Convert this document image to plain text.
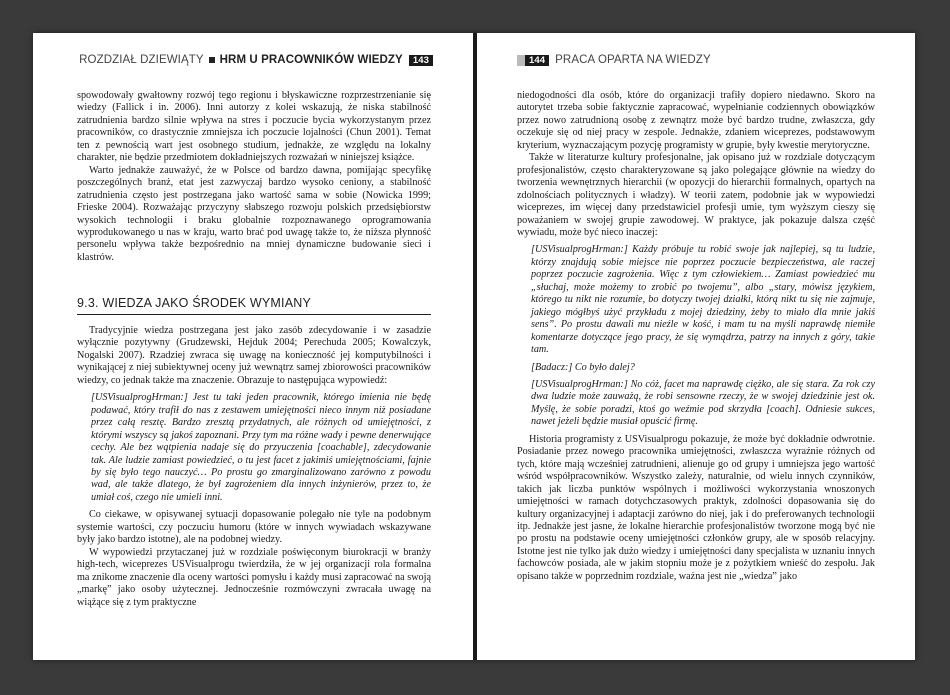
ROZDZIAŁ DZIEWIĄTY HRM U PRACOWNIKÓW WIEDZY	143

spowodowały gwałtowny rozwój tego regionu i błyskawiczne rozprzestrzenianie się wiedzy (Fallick i in. 2006). Inni autorzy z kolei wskazują, że niska stabilność zatrudnienia bardzo silnie wpływa na stres i poczucie bycia wykorzystanym przez pracowników, co drastycznie zmniejsza ich poczucie lojalności (Chun 2001). Temat ten z pewnością wart jest osobnego studium, jednakże, ze względu na lokalny charakter, nie będzie przedmiotem dokładniejszych rozważań w niniejszej książce.

Warto jednakże zauważyć, że w Polsce od bardzo dawna, pomijając specyfikę poszczególnych branż, etat jest zazwyczaj bardzo wysoko ceniony, a stabilność zatrudnienia często jest postrzegana jako wartość sama w sobie (Nowicka 1999; Frieske 2004). Rozważając przyczyny słabszego rozwoju polskich przedsiębiorstw wysokich technologii i braku globalnie rozpoznawanego oprogramowania wyprodukowanego u nas w kraju, warto brać pod uwagę także to, że niższa płynność personelu wpływa także bezpośrednio na mniej dynamiczne budowanie sieci i klastrów.

9.3. WIEDZA JAKO ŚRODEK WYMIANY

Tradycyjnie wiedza postrzegana jest jako zasób zdecydowanie i w zasadzie wyłącznie pozytywny (Grudzewski, Hejduk 2004; Perechuda 2005; Kowalczyk, Nogalski 2007). Rzadziej zwraca się uwagę na konieczność jej komputybilności i wynikającej z niej subiektywnej oceny już wewnątrz samej zbiorowości pracowników wiedzy, co jednak także ma znaczenie. Obrazuje to następująca wypowiedź:

[USVisualprogHrman:] Jest tu taki jeden pracownik, którego imienia nie będę podawać, który trafił do nas z zestawem umiejętności nieco innym niż posiadane przez całą resztę. Bardzo zresztą przydatnych, ale różnych od umiejętności, z którymi wszyscy są jakoś zapoznani. Przy tym ma różne wady i pewne denerwujące cechy. Ale bez wątpienia nadaje się do przyuczenia [coachable], zdecydowanie tak. Ale ludzie zamiast powiedzieć, o tu jest facet z jakimiś umiejętnościami, fajnie by się było tego nauczyć… Po prostu go zmarginalizowano zarówno z powodu wad, ale także dlatego, że był zagrożeniem dla innych inżynierów, przez to, że umiał coś, czego nie umieli inni.

Co ciekawe, w opisywanej sytuacji dopasowanie polegało nie tyle na podobnym systemie wartości, czy poczuciu humoru (które w innych wywiadach wskazywane były jako bardzo istotne), ale na podobnej wiedzy.

W wypowiedzi przytaczanej już w rozdziale poświęconym biurokracji w branży high-tech, wiceprezes USVisualprogu twierdziła, że w jej organizacji rola formalna ma znikome znaczenie dla oceny wartości pomysłu i każdy musi zapracować na swoją „markę” jako osoby użytecznej. Jednocześnie rozmówczyni zwracała uwagę na wiążące się z tym praktyczne

144 PRACA OPARTA NA WIEDZY

niedogodności dla osób, które do organizacji trafiły dopiero niedawno. Skoro na autorytet trzeba sobie faktycznie zapracować, wypełnianie codziennych obowiązków przez nowo zatrudnioną osobę z zewnątrz może być bardzo trudne, zwłaszcza, gdy oczekuje się od niej pracy w zespole. Jednakże, zdaniem wiceprezes, podstawowym kryterium, wyznaczającym pozycję programisty w grupie, były kwestie merytoryczne.

Także w literaturze kultury profesjonalne, jak opisano już w rozdziale dotyczącym profesjonalistów, często charakteryzowane są jako polegające głównie na wiedzy do tworzenia wewnętrznych hierarchii (w opozycji do hierarchii formalnych, opartych na zdolnościach politycznych i władzy). W teorii zatem, podobnie jak w wypowiedzi wiceprezes, im więcej dany przedstawiciel profesji umie, tym wyższym cieszy się poważaniem w swojej grupie zawodowej. W praktyce, jak pokazuje dalsza część wywiadu, może być nieco inaczej:

[USVisualprogHrman:] Każdy próbuje tu robić swoje jak najlepiej, są tu ludzie, którzy znajdują sobie miejsce nie poprzez poczucie bezpieczeństwa, ale raczej poprzez poczucie zagrożenia. Więc z tym człowiekiem… Zamiast powiedzieć mu „słuchaj, może możemy to zrobić po twojemu”, albo „stary, mówisz językiem, którego tu nikt nie rozumie, bo dotyczy twojej działki, którą nikt tu się nie zajmuje, jakiego mógłbyś użyć przykładu z mojej dziedziny, żeby to miało dla mnie jakiś sens”. Po prostu dawali mu nieźle w kość, i mam tu na myśli naprawdę niemiłe komentarze dotyczące jego pracy, że się wymądrza, patrzy na innych z góry, takie tam.

[Badacz:] Co było dalej?

[USVisualprogHrman:] No cóż, facet ma naprawdę ciężko, ale się stara. Za rok czy dwa ludzie może zauważą, że robi sensowne rzeczy, że w swojej dziedzinie jest ok. Myślę, że sobie poradzi, ktoś go weźmie pod skrzydła [coach]. Odniesie sukces, nawet jeżeli będzie musiał opuścić firmę.

Historia programisty z USVisualprogu pokazuje, że może być dokładnie odwrotnie. Posiadanie przez nowego pracownika umiejętności, zwłaszcza wyraźnie różnych od tych, które mają wcześniej zatrudnieni, alienuje go od grupy i umniejsza jego wartość wśród współpracowników. Wszystko zależy, naturalnie, od wielu innych czynników, takich jak liczba punktów wspólnych i możliwości wykorzystania wnoszonych umiejętności w ramach dotychczasowych praktyk, zdolności dopasowania się do kultury organizacyjnej i adaptacji zarówno do niej, jak i do preferowanych technologii itp. Jednakże jest jasne, że lokalne hierarchie profesjonalistów tworzone mogą być nie po prostu na podstawie oceny umiejętności członków grupy, ale w sposób relacyjny. Istotne jest nie tylko jak dużo wiedzy i umiejętności dany specjalista w uznaniu innych fachowców posiada, ale w jakim stopniu może je z pożytkiem wnieść do zespołu. Jak opisano także w poprzednim rozdziale, ważna jest nie „wiedza” jako
